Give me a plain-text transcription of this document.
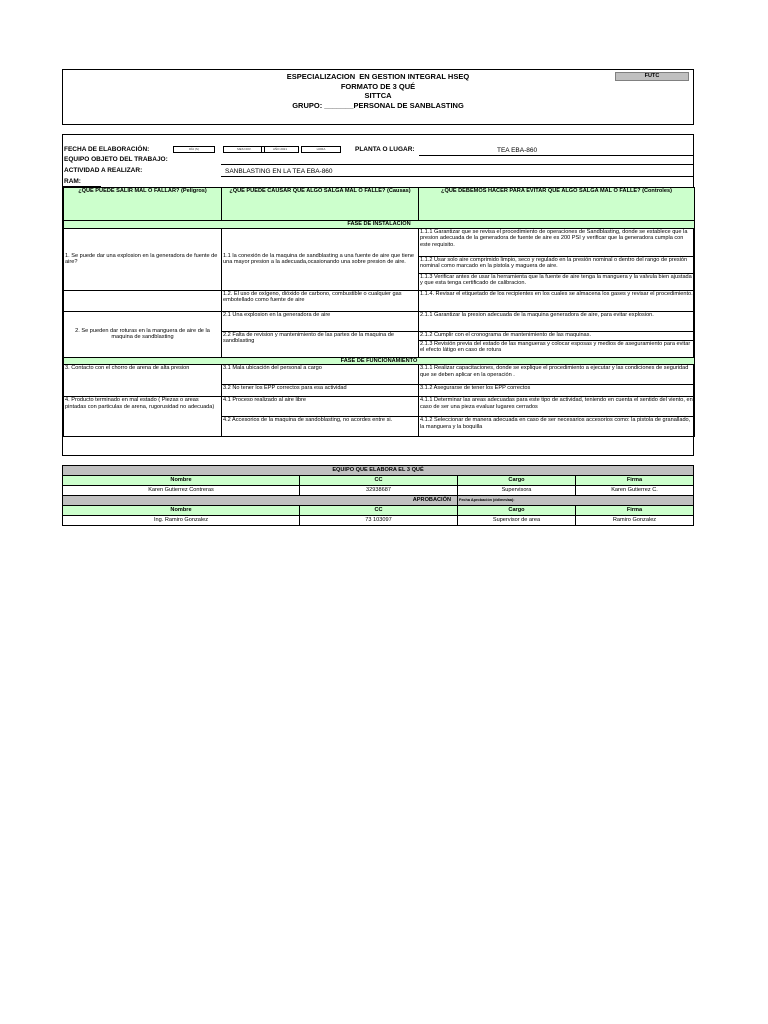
ESPECIALIZACION  EN GESTION INTEGRAL HSEQ
FORMATO DE 3 QUÉ
SITTCA
GRUPO: _______PERSONAL DE SANBLASTING
FUTC
FECHA DE ELABORACIÓN:	DÍA (S)	MES NOV	AÑO 2021	HORA	PLANTA O LUGAR:	TEA EBA-860
EQUIPO OBJETO DEL TRABAJO:
ACTIVIDAD A REALIZAR:	SANBLASTING EN LA TEA EBA-860
RAM:
¿QUÉ PUEDE SALIR MAL O FALLAR? (Peligros)	¿QUÉ PUEDE CAUSAR QUE ALGO SALGA MAL O FALLE? (Causas)	¿QUÉ DEBEMOS HACER PARA EVITAR QUE ALGO SALGA MAL O FALLE? (Controles)
FASE DE INSTALACION		
1. Se puede dar una explosion en la generadora de fuente de aire?	1.1 la conexión de la maquina de sandblasting a una fuente de aire que tiene una mayor presion a la adecuada,ocasionando una sobre presion de aire.	1.1.1 Garantizar que se revisa el procedimiento de operaciones de Sandblasting, donde se establece que la presion adecuada de la generadora de fuente de aire es 200 PSI y verificar que la generadora cumpla con este requisito.
		1.1.2 Usar solo aire comprimido limpio, seco y regulado en la presión nominal o dentro del rango de presión nominal como marcado en la pistola y maguera de aire.
		1.1.3 Verificar antes de usar la herramienta que la fuente de aire tenga la manguera y la valvula bien ajustada y que esta tenga certificado de calibracion.
	1.2. El uso de oxígeno, dióxido de carbono, combustible o cualquier gas embotellado como fuente de aire	1.1.4. Revisar el etiquetado de los recipientes en los cuales se almacena los gases y revisar el procedimiento.
2. Se pueden dar roturas en la manguera de aire de la maquina de sandblasting	2.1 Una explosion en la generadora de aire	2.1.1 Garantizar la presion adecuada de la maquina generadora de aire, para evitar explosion.
	2.2 Falta de revision y mantenimiento de las partes de la maquina de sandblasting	2.1.2 Cumplir con el cronograma de mantenimiento de las maquinas.
		2.1.3 Revisión previa del estado de las mangueras y colocar esposas y medios de aseguramiento para evitar el efecto látigo en caso de rotura
FASE DE FUNCIONAMIENTO		
3. Contacto con el chorro de arena de alta presion	3.1 Mala ubicación del personal a cargo	3.1.1 Realizar capacitaciones, donde se explique el procedimiento a ejecutar y las condiciones de seguridad que se deben aplicar en la operación .
	3.2 No tener los EPP correctos para esa actividad	3.1.2 Asegurarse de tener los EPP correctos
4. Producto terminado en mal estado ( Piezas o areas pintadas con particulas de arena, rugorusidad no adecuada)	4.1 Proceso realizado al aire libre	4.1.1 Determinar las areas adecuadas para este tipo de actividad, teniendo en cuenta el sentido del viento, en caso de ser una pieza evaluar lugares cerrados
	4.2 Accesorios de la maquina de sandoblasting, no acordes entre si.	4.1.2 Seleccionar de manera adecuada en caso de ser necesarios accesorios como: la pistola de granallado, la manguera y la boquilla
EQUIPO QUE ELABORA EL 3 QUÉ			
Nombre	CC	Cargo	Firma
Karen Gutierrez Contreras	32938687	Supervisora	Karen Gutierrez C.
APROBACIÓN		Fecha Aprobación (dd/mm/aa):	
Nombre	CC	Cargo	Firma
Ing. Ramiro Gonzalez	73 103097	Supervisor de area	Ramiro Gonzalez
